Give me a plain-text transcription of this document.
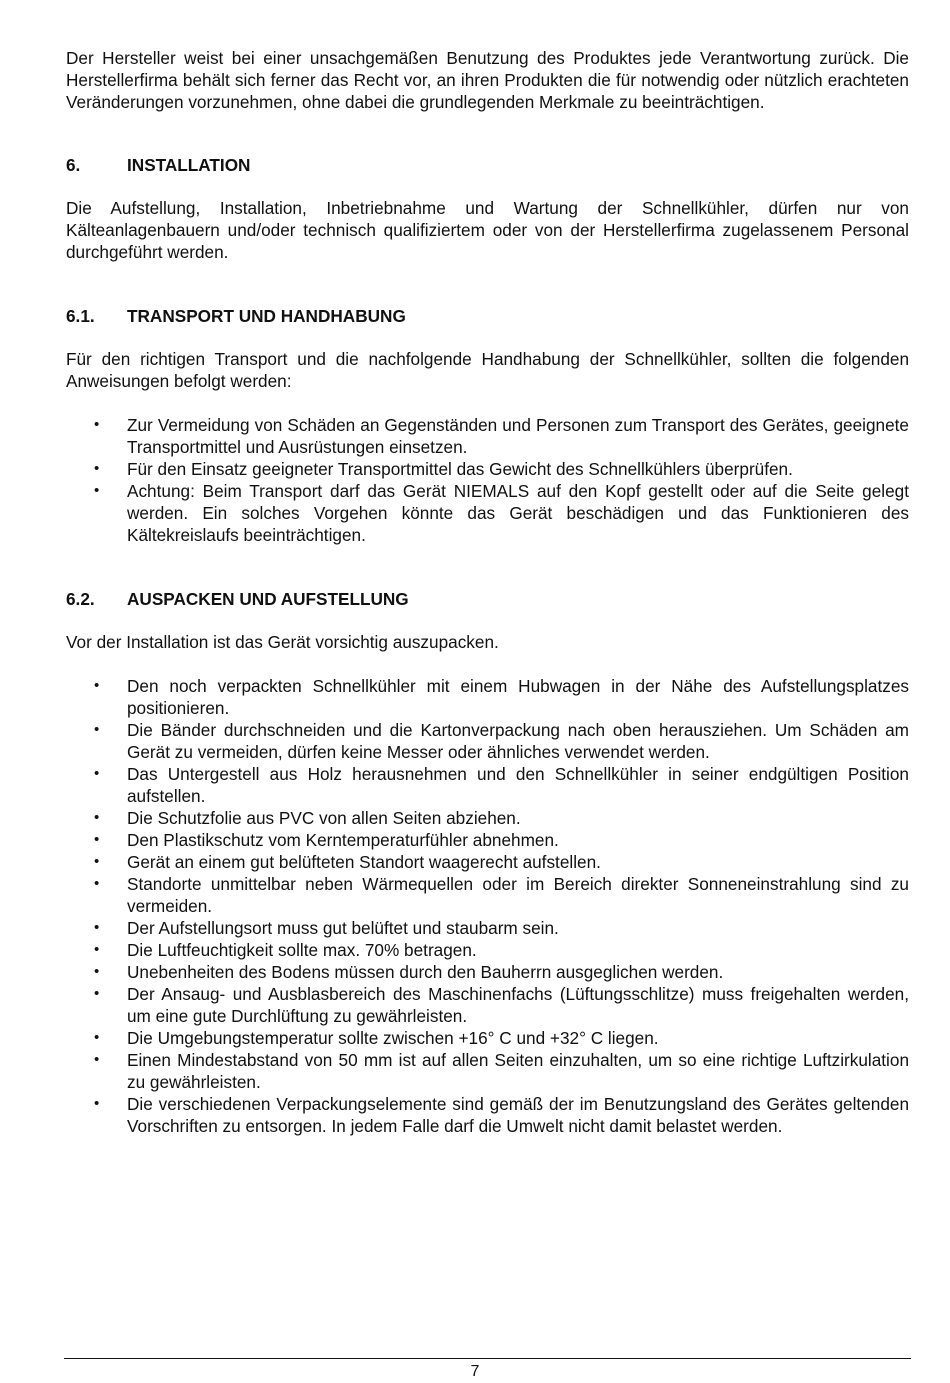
Der Hersteller weist bei einer unsachgemäßen Benutzung des Produktes jede Verantwortung zurück. Die Herstellerfirma behält sich ferner das Recht vor, an ihren Produkten die für notwendig oder nützlich erachteten Veränderungen vorzunehmen, ohne dabei die grundlegenden Merkmale zu beeinträchtigen.

6.	INSTALLATION

Die Aufstellung, Installation, Inbetriebnahme und Wartung der Schnellkühler, dürfen nur von Kälteanlagenbauern und/oder technisch qualifiziertem oder von der Herstellerfirma zugelassenem Personal durchgeführt werden.

6.1.	TRANSPORT UND HANDHABUNG

Für den richtigen Transport und die nachfolgende Handhabung der Schnellkühler, sollten die folgenden Anweisungen befolgt werden:

• Zur Vermeidung von Schäden an Gegenständen und Personen zum Transport des Gerätes, geeignete Transportmittel und Ausrüstungen einsetzen.
• Für den Einsatz geeigneter Transportmittel das Gewicht des Schnellkühlers überprüfen.
• Achtung: Beim Transport darf das Gerät NIEMALS auf den Kopf gestellt oder auf die Seite gelegt werden. Ein solches Vorgehen könnte das Gerät beschädigen und das Funktionieren des Kältekreislaufs beeinträchtigen.
6.2.	AUSPACKEN UND AUFSTELLUNG

Vor der Installation ist das Gerät vorsichtig auszupacken.

• Den noch verpackten Schnellkühler mit einem Hubwagen in der Nähe des Aufstellungsplatzes positionieren.
• Die Bänder durchschneiden und die Kartonverpackung nach oben herausziehen. Um Schäden am Gerät zu vermeiden, dürfen keine Messer oder ähnliches verwendet werden.
• Das Untergestell aus Holz herausnehmen und den Schnellkühler in seiner endgültigen Position aufstellen.
• Die Schutzfolie aus PVC von allen Seiten abziehen.
• Den Plastikschutz vom Kerntemperaturfühler abnehmen.
• Gerät an einem gut belüfteten Standort waagerecht aufstellen.
• Standorte unmittelbar neben Wärmequellen oder im Bereich direkter Sonneneinstrahlung sind zu vermeiden.
• Der Aufstellungsort muss gut belüftet und staubarm sein.
• Die Luftfeuchtigkeit sollte max. 70% betragen.
• Unebenheiten des Bodens müssen durch den Bauherrn ausgeglichen werden.
• Der Ansaug- und Ausblasbereich des Maschinenfachs (Lüftungsschlitze) muss freigehalten werden, um eine gute Durchlüftung zu gewährleisten.
• Die Umgebungstemperatur sollte zwischen +16° C und +32° C liegen.
• Einen Mindestabstand von 50 mm ist auf allen Seiten einzuhalten, um so eine richtige Luftzirkulation zu gewährleisten.
• Die verschiedenen Verpackungselemente sind gemäß der im Benutzungsland des Gerätes geltenden Vorschriften zu entsorgen. In jedem Falle darf die Umwelt nicht damit belastet werden.
7
